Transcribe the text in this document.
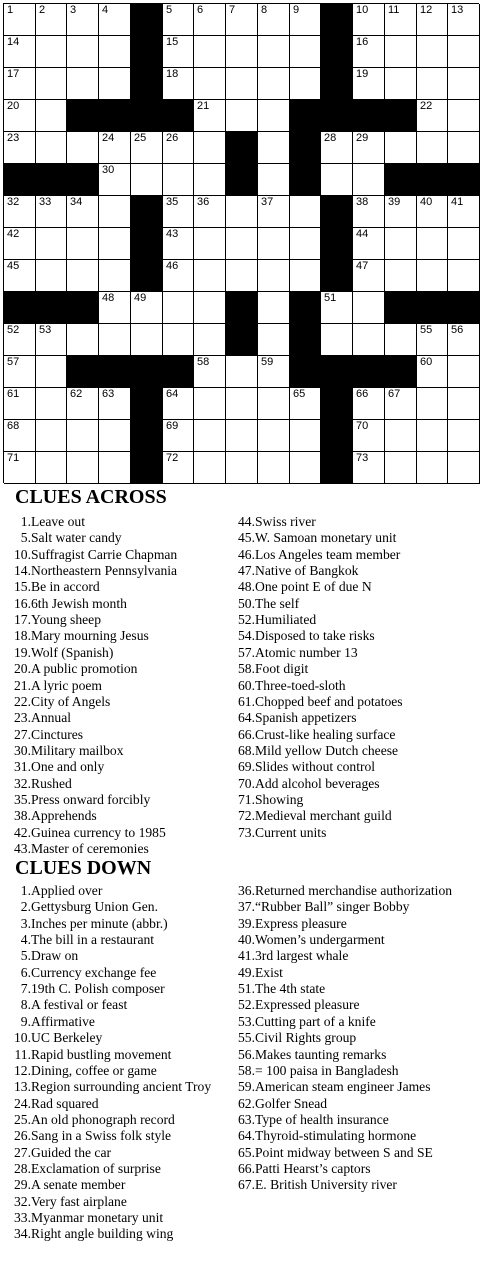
1 2 3 4	5 6 7 8 9	10 11 12 13
14	15	16
17	18	19
20	21	22
23	24 25 26	28 29
30
32 33 34	35 36	37	38 39 40 41
42	43	44
45	46	47
48 49	51
52 53	55 56
57	58	59	60
61	62 63	64	65	66 67
68	69	70
71	72	73
CLUES ACROSS
1.Leave out
5.Salt water candy
10.Suffragist Carrie Chapman
14.Northeastern Pennsylvania
15.Be in accord
16.6th Jewish month
17.Young sheep
18.Mary mourning Jesus
19.Wolf (Spanish)
20.A public promotion
21.A lyric poem
22.City of Angels
23.Annual
27.Cinctures
30.Military mailbox
31.One and only
32.Rushed
35.Press onward forcibly
38.Apprehends
42.Guinea currency to 1985
43.Master of ceremonies
44.Swiss river
45.W. Samoan monetary unit
46.Los Angeles team member
47.Native of Bangkok
48.One point E of due N
50.The self
52.Humiliated
54.Disposed to take risks
57.Atomic number 13
58.Foot digit
60.Three-toed-sloth
61.Chopped beef and potatoes
64.Spanish appetizers
66.Crust-like healing surface
68.Mild yellow Dutch cheese
69.Slides without control
70.Add alcohol beverages
71.Showing
72.Medieval merchant guild
73.Current units
CLUES DOWN
1.Applied over
2.Gettysburg Union Gen.
3.Inches per minute (abbr.)
4.The bill in a restaurant
5.Draw on
6.Currency exchange fee
7.19th C. Polish composer
8.A festival or feast
9.Affirmative
10.UC Berkeley
11.Rapid bustling movement
12.Dining, coffee or game
13.Region surrounding ancient Troy
24.Rad squared
25.An old phonograph record
26.Sang in a Swiss folk style
27.Guided the car
28.Exclamation of surprise
29.A senate member
32.Very fast airplane
33.Myanmar monetary unit
34.Right angle building wing
36.Returned merchandise authorization
37.“Rubber Ball” singer Bobby
39.Express pleasure
40.Women’s undergarment
41.3rd largest whale
49.Exist
51.The 4th state
52.Expressed pleasure
53.Cutting part of a knife
55.Civil Rights group
56.Makes taunting remarks
58.= 100 paisa in Bangladesh
59.American steam engineer James
62.Golfer Snead
63.Type of health insurance
64.Thyroid-stimulating hormone
65.Point midway between S and SE
66.Patti Hearst’s captors
67.E. British University river
